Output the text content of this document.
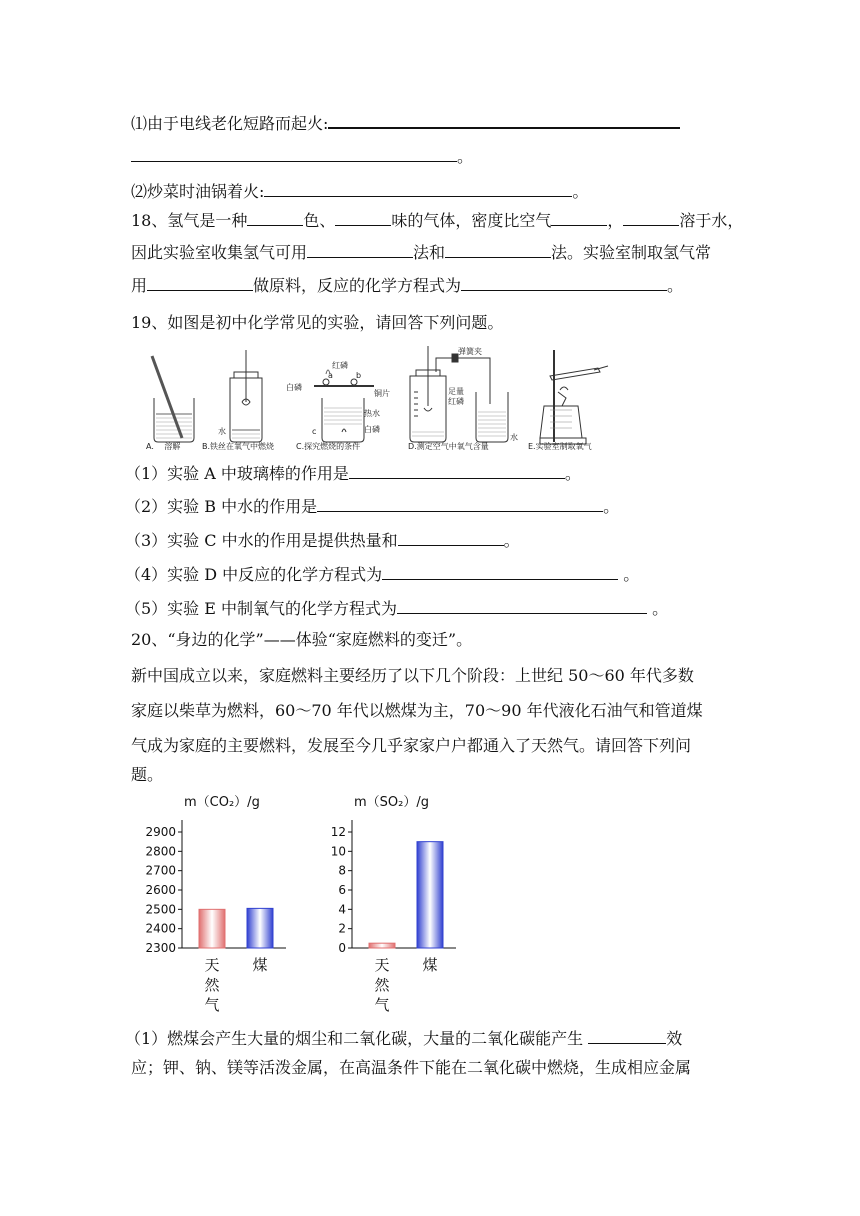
⑴由于电线老化短路而起火:
。
⑵炒菜时油锅着火:	。
18、氢气是一种	色、	味的气体，密度比空气	，	溶于水，
因此实验室收集氢气可用	法和	法。实验室制取氢气常
用	做原料，反应的化学方程式为	。
19、如图是初中化学常见的实验，请回答下列问题。
水
白磷
红磷
铜片
热水
白磷
a	b
c
弹簧夹
足量
红磷
水
A.　 溶解	B.铁丝在氧气中燃烧	C.探究燃烧的条件	D.测定空气中氧气含量	E.实验室制取氧气
（1）实验 A 中玻璃棒的作用是	。
（2）实验 B 中水的作用是	。
（3）实验 C 中水的作用是提供热量和	。
（4）实验 D 中反应的化学方程式为	。
（5）实验 E 中制氧气的化学方程式为	。
20、“身边的化学”——体验“家庭燃料的变迁”。
新中国成立以来，家庭燃料主要经历了以下几个阶段：上世纪 50～60 年代多数
家庭以柴草为燃料，60～70 年代以燃煤为主，70～90 年代液化石油气和管道煤
气成为家庭的主要燃料，发展至今几乎家家户户都通入了天然气。请回答下列问
题。
m（CO₂）/g
2300
2400
2500
2600
2700
2800
2900
天
然
气
煤
m（SO₂）/g
0
2
4
6
8
10
12
天
然
气
煤
（1）燃煤会产生大量的烟尘和二氧化碳，大量的二氧化碳能产生	效
应；钾、钠、镁等活泼金属，在高温条件下能在二氧化碳中燃烧，生成相应金属
